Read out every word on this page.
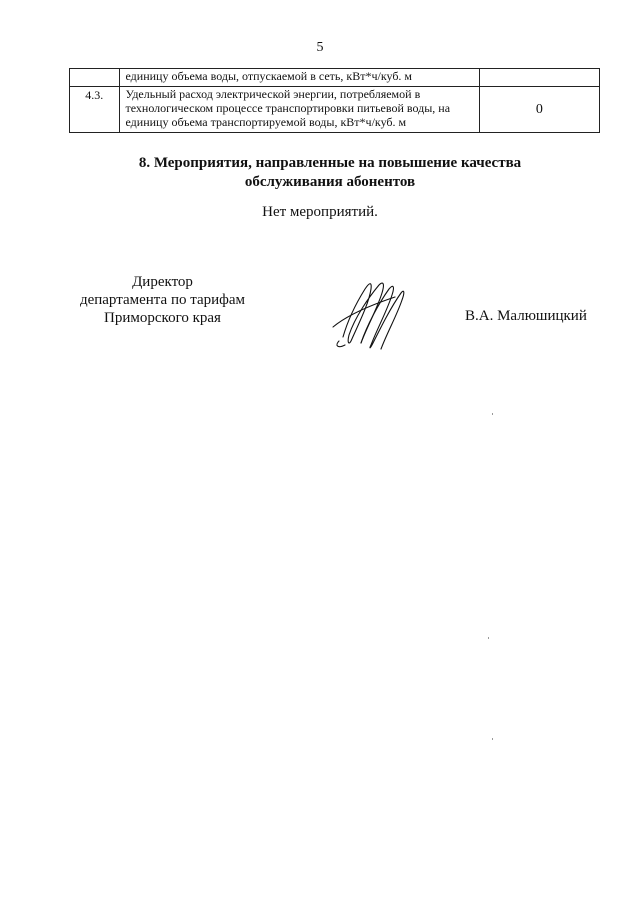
5

	единицу объема воды, отпускаемой в сеть, кВт*ч/куб. м	

4.3.	Удельный расход электрической энергии, потребляемой в
технологическом процессе транспортировки питьевой воды, на
единицу объема транспортируемой воды, кВт*ч/куб. м	0
8. Мероприятия, направленные на повышение качества
обслуживания абонентов
Нет мероприятий.
Директор
департамента по тарифам
Приморского края	В.А. Малюшицкий
